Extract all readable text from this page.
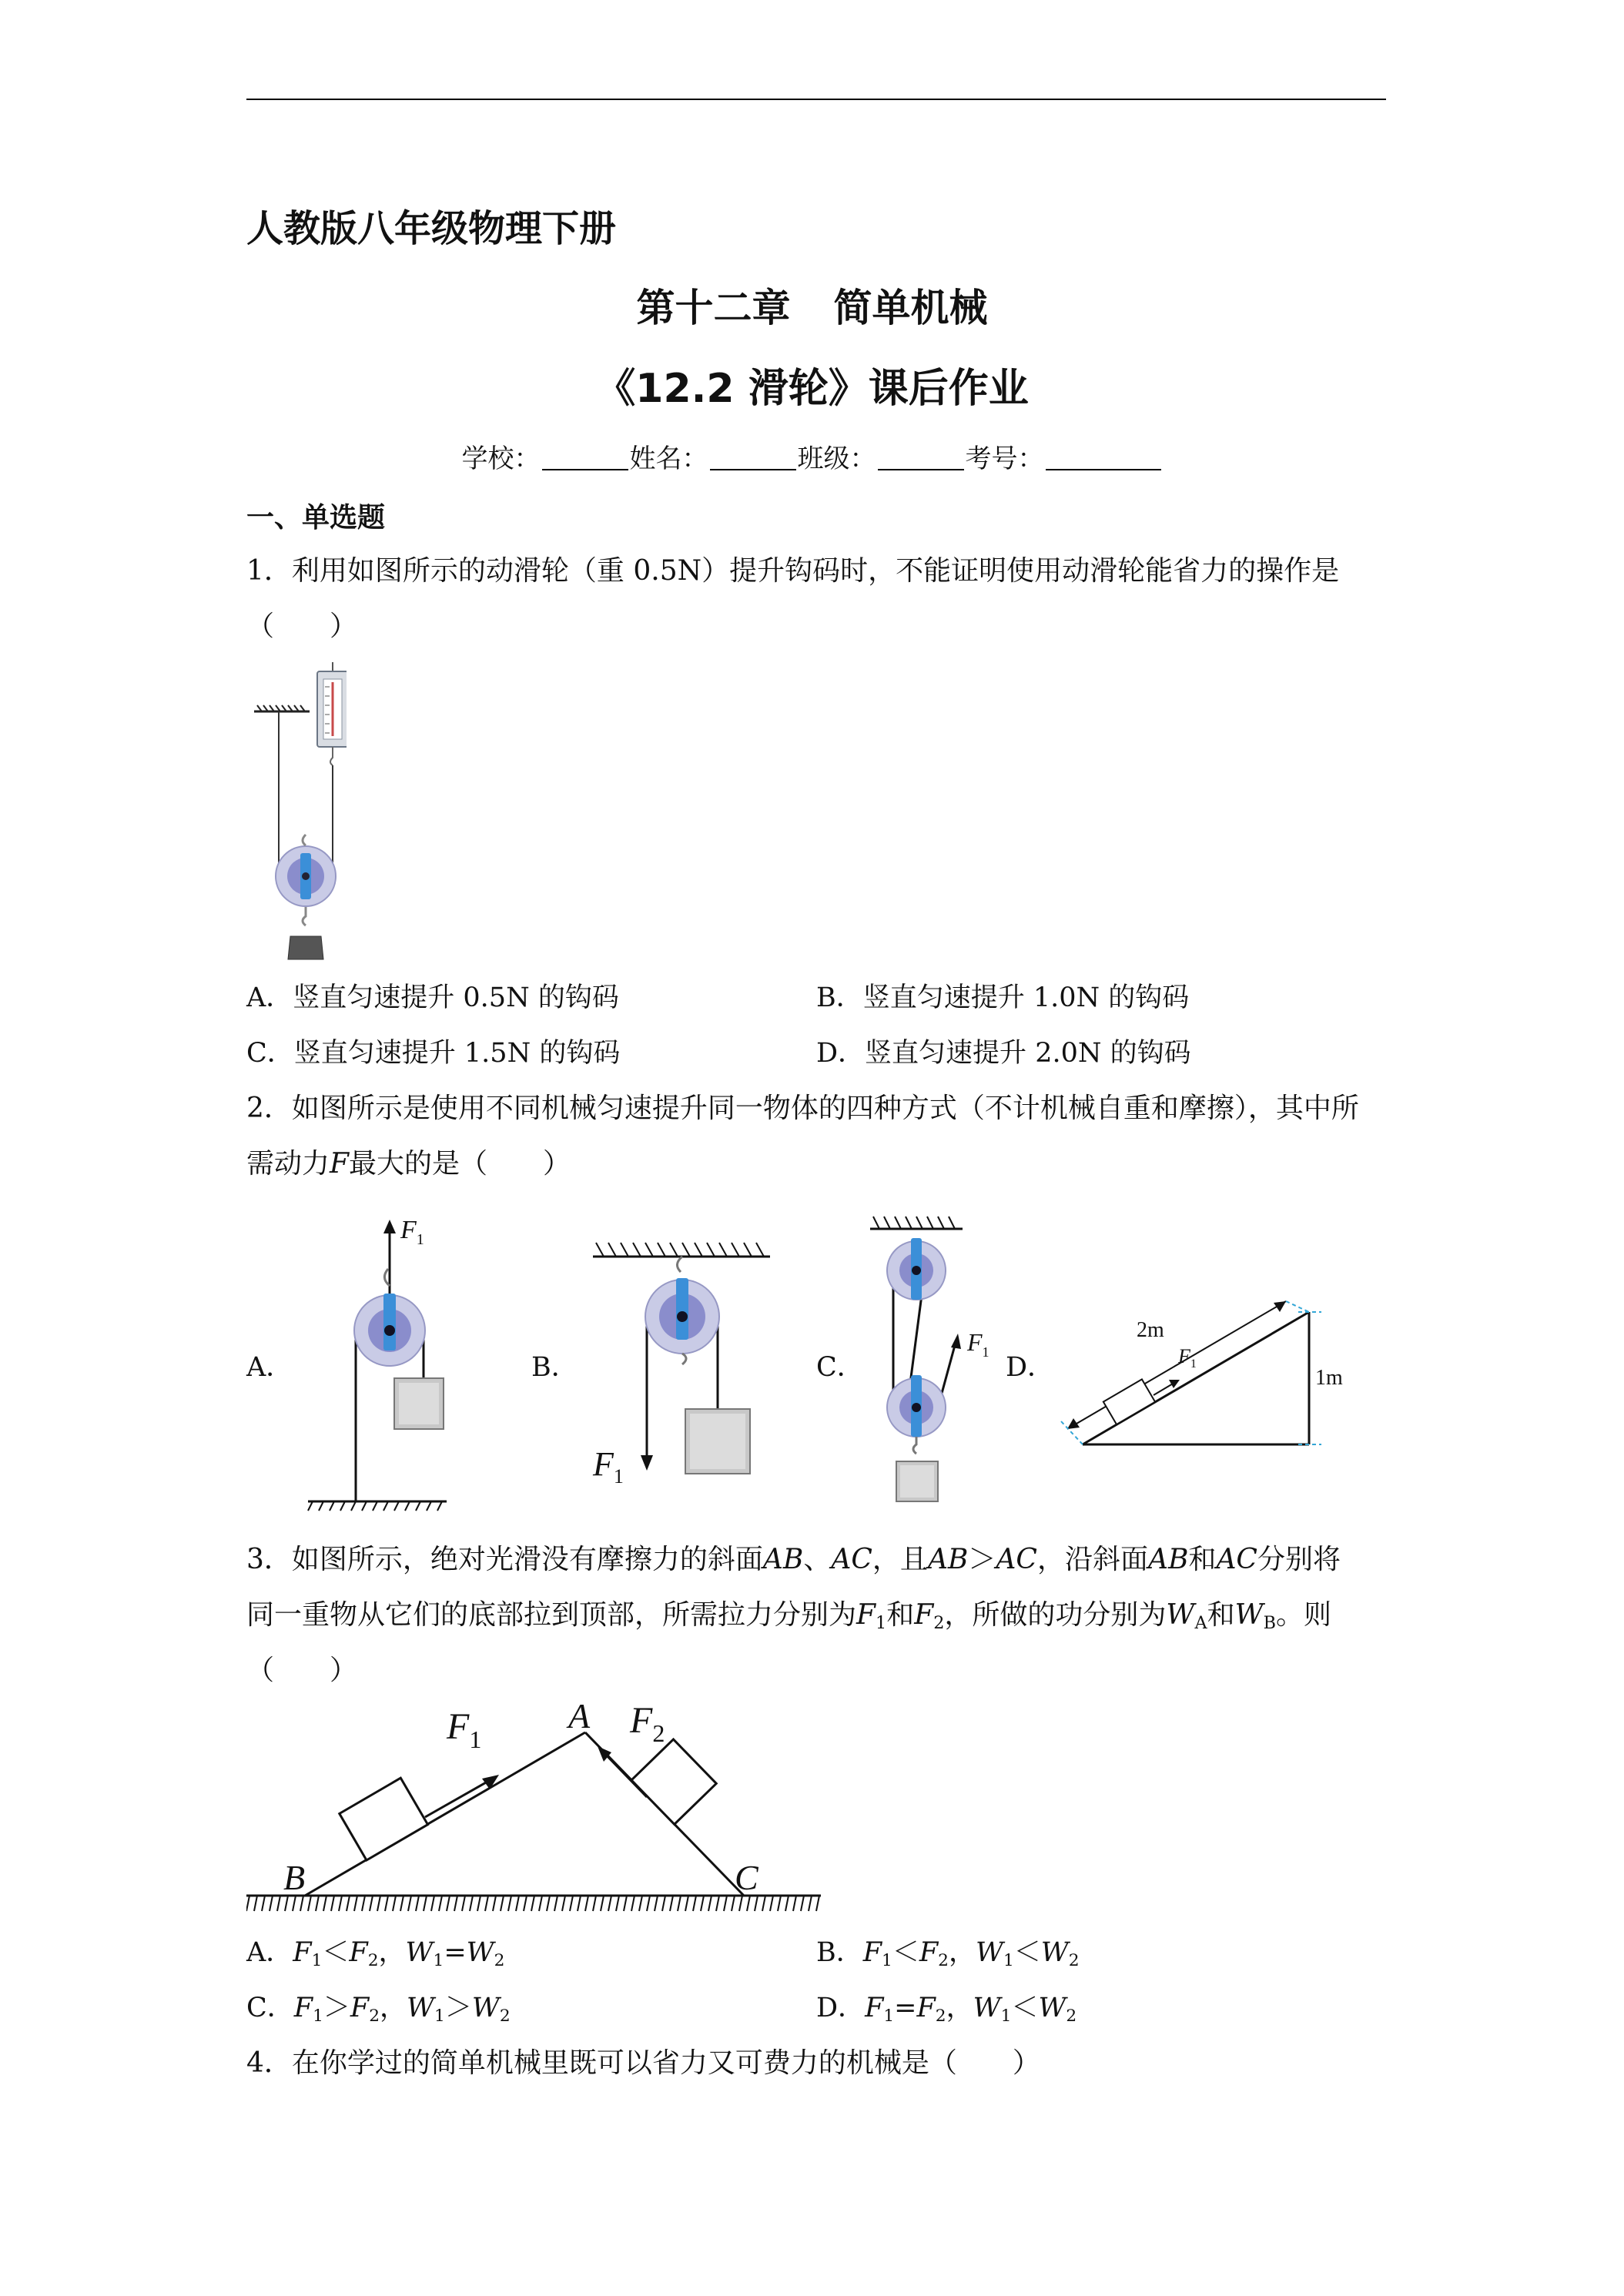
人教版八年级物理下册
第十二章 简单机械
《12.2 滑轮》课后作业
学校：	姓名：	班级：	考号：
一、单选题
1．利用如图所示的动滑轮（重 0.5N）提升钩码时，不能证明使用动滑轮能省力的操作是
（　　）
A．竖直匀速提升 0.5N 的钩码	B．竖直匀速提升 1.0N 的钩码
C．竖直匀速提升 1.5N 的钩码	D．竖直匀速提升 2.0N 的钩码
2．如图所示是使用不同机械匀速提升同一物体的四种方式（不计机械自重和摩擦），其中所
需动力F最大的是（　　）
A．	B．	C．	D．
$F_1$
$F_1$
$F_1$
2m
$F_1$
1m
3．如图所示，绝对光滑没有摩擦力的斜面AB、AC，且AB＞AC，沿斜面AB和AC分别将
同一重物从它们的底部拉到顶部，所需拉力分别为$F_1$和$F_2$，所做的功分别为$W_A$和$W_B$。则
（　　）
$F_1$	$F_2$
B
A
C
A．$F_1<F_2$，$W_1=W_2$	B．$F_1<F_2$，$W_1<W_2$
C．$F_1>F_2$，$W_1>W_2$	D．$F_1=F_2$，$W_1<W_2$
4．在你学过的简单机械里既可以省力又可费力的机械是（　　）
